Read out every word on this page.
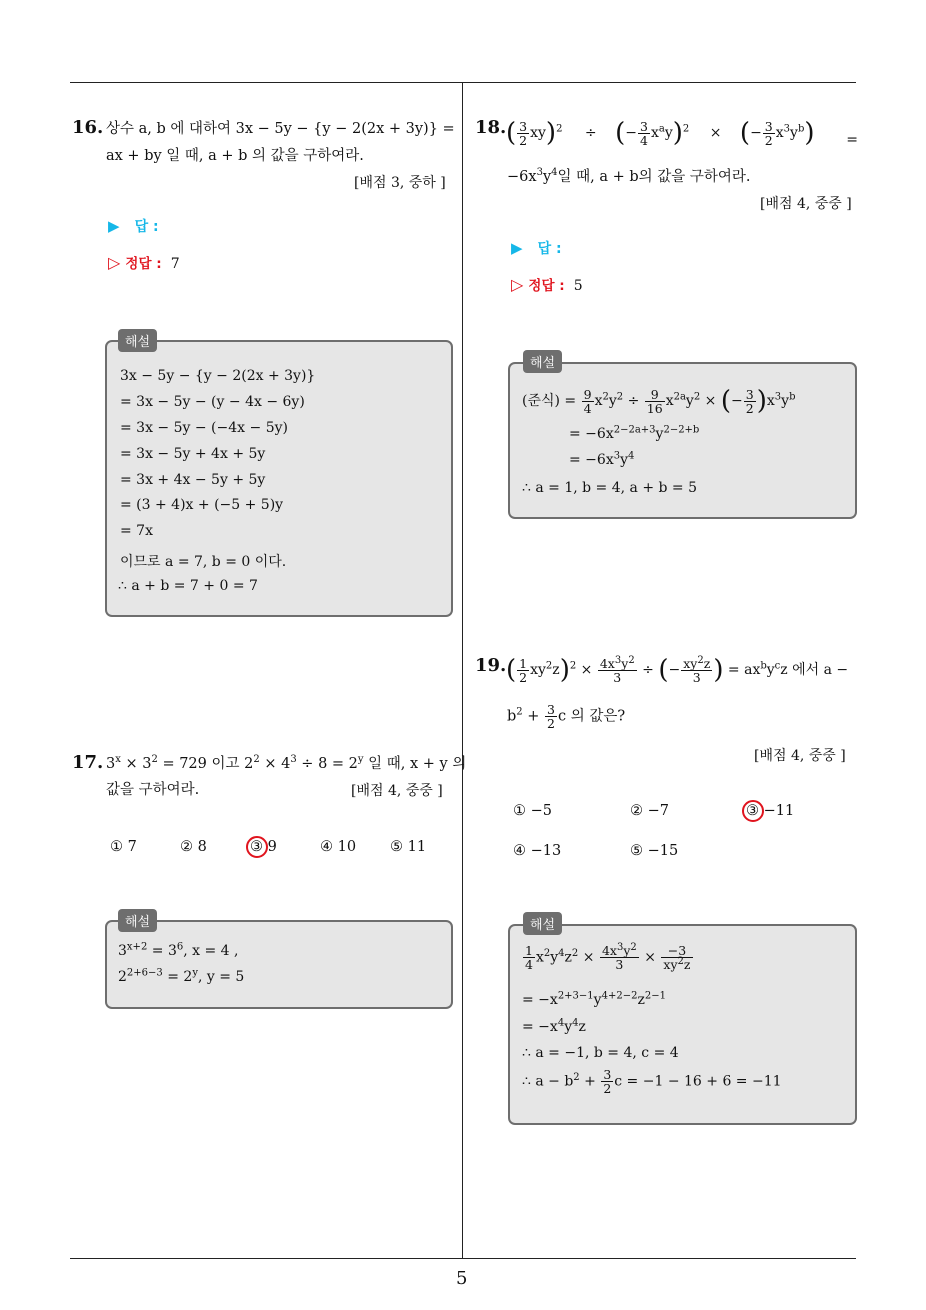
5
16. 상수 a, b 에 대하여 3x − 5y − {y − 2(2x + 3y)} =
ax + by 일 때, a + b 의 값을 구하여라.
[배점 3, 중하 ]
▶ 답 :
▷ 정답 : 7
해설
3x − 5y − {y − 2(2x + 3y)}
= 3x − 5y − (y − 4x − 6y)
= 3x − 5y − (−4x − 5y)
= 3x − 5y + 4x + 5y
= 3x + 4x − 5y + 5y
= (3 + 4)x + (−5 + 5)y
= 7x
이므로 a = 7, b = 0 이다.
∴ a + b = 7 + 0 = 7
17. $3^x \times 3^2 = 729$ 이고 $2^2 \times 4^3 \div 8 = 2^y$ 일 때, x + y 의
값을 구하여라.	[배점 4, 중중 ]
① 7	② 8	③ 9	④ 10 ⑤ 11
해설
$3^{x+2} = 3^6$, x = 4 ,
$2^{2+6-3} = 2^y$, y = 5
18. ( $\frac{3}{2} xy)^2$ ÷ (− $\frac{3}{4} x^ay)^2$ × (− $\frac{3}{2} x^3y^b$) =
$-6x^3y^4$일 때, a + b의 값을 구하여라.
[배점 4, 중중 ]
▶ 답 :
▷ 정답 : 5
해설
(준식) = $\frac{9}{4} x^2y^2 \div \frac{9}{16} x^{2a}y^2$ × (− $\frac{3}{2} )x^3y^b$
= $-6x^{2-2a+3}y^{2-2+b}$
= $-6x^3y^4$
∴ a = 1, b = 4, a + b = 5
19. ( $\frac{1}{2} xy^2z)^2 \times \frac{4x^3y^2}{3}$ ÷ (− $\frac{xy^2z}{3}$ ) = $ax^by^cz$ 에서 a −
$b^2 + \frac{3}{2}$ c 의 값은?
[배점 4, 중중 ]
① −5	② −7	③ −11
④ −13	⑤ −15
해설
$\frac{1}{4} x^2y^4z^2 \times \frac{4x^3y^2}{3} \times \frac{-3}{xy^2z}$
= $-x^{2+3-1}y^{4+2-2}z^{2-1}$
= $-x^4y^4z$
∴ a = −1, b = 4, c = 4
∴ $a - b^2 + \frac{3}{2}$ c = −1 − 16 + 6 = −11
